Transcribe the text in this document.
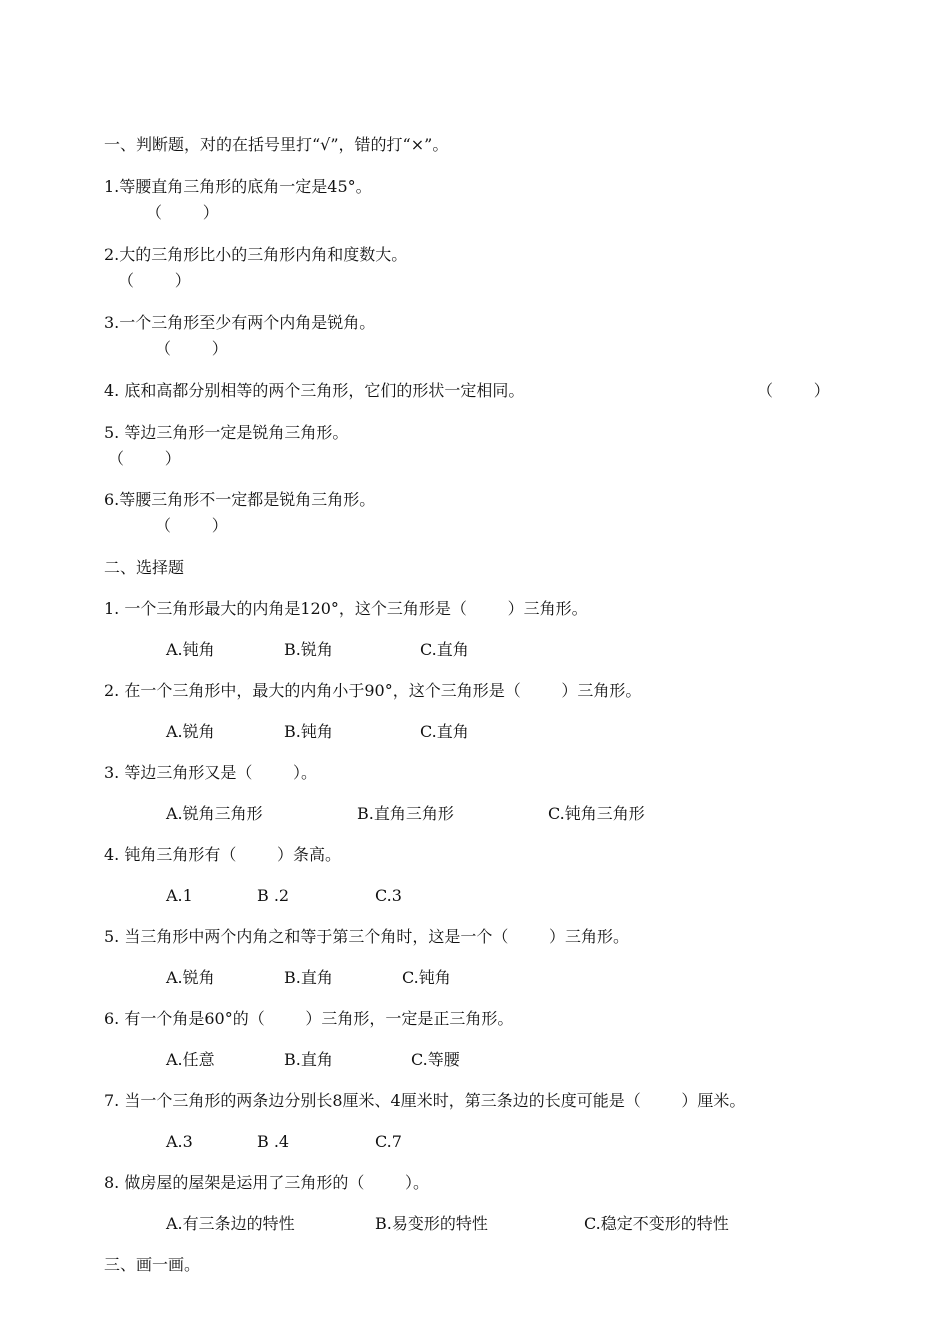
一、判断题，对的在括号里打“√”，错的打“×”。
1.等腰直角三角形的底角一定是45°。
（        ）
2.大的三角形比小的三角形内角和度数大。
（        ）
3.一个三角形至少有两个内角是锐角。
（        ）
4. 底和高都分别相等的两个三角形，它们的形状一定相同。	（        ）
5. 等边三角形一定是锐角三角形。
（        ）
6.等腰三角形不一定都是锐角三角形。
（        ）
二、选择题
1. 一个三角形最大的内角是120°，这个三角形是（        ）三角形。
A.钝角	B.锐角	C.直角
2. 在一个三角形中，最大的内角小于90°，这个三角形是（        ）三角形。
A.锐角	B.钝角	C.直角
3. 等边三角形又是（        ）。
A.锐角三角形	B.直角三角形	C.钝角三角形
4. 钝角三角形有（        ）条高。
A.1	B .2	C.3
5. 当三角形中两个内角之和等于第三个角时，这是一个（        ）三角形。
A.锐角	B.直角	C.钝角
6. 有一个角是60°的（        ）三角形，一定是正三角形。
A.任意	B.直角	C.等腰
7. 当一个三角形的两条边分别长8厘米、4厘米时，第三条边的长度可能是（        ）厘米。
A.3	B .4	C.7
8. 做房屋的屋架是运用了三角形的（        ）。
A.有三条边的特性	B.易变形的特性	C.稳定不变形的特性
三、画一画。
